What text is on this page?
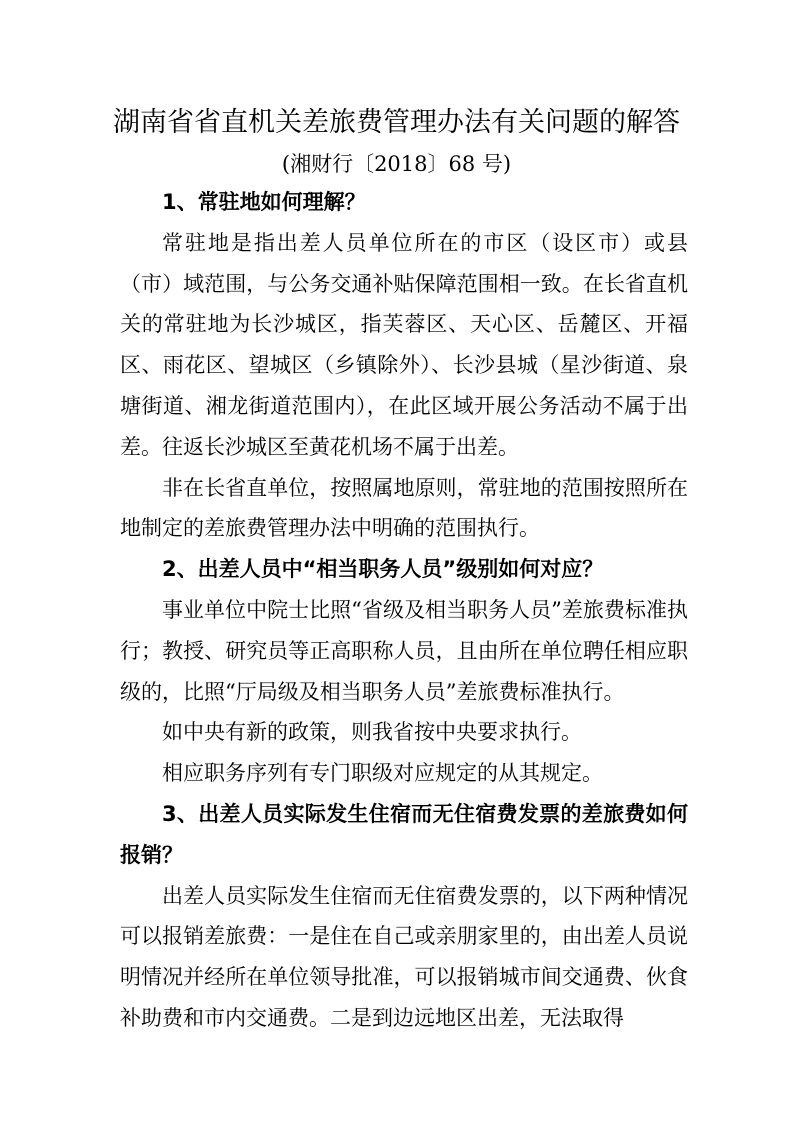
湖南省省直机关差旅费管理办法有关问题的解答
(湘财行〔2018〕68 号)
1、常驻地如何理解？

常驻地是指出差人员单位所在的市区（设区市）或县（市）域范围，与公务交通补贴保障范围相一致。在长省直机关的常驻地为长沙城区，指芙蓉区、天心区、岳麓区、开福区、雨花区、望城区（乡镇除外）、长沙县城（星沙街道、泉塘街道、湘龙街道范围内），在此区域开展公务活动不属于出差。往返长沙城区至黄花机场不属于出差。

非在长省直单位，按照属地原则，常驻地的范围按照所在地制定的差旅费管理办法中明确的范围执行。

2、出差人员中“相当职务人员”级别如何对应？

事业单位中院士比照“省级及相当职务人员”差旅费标准执行；教授、研究员等正高职称人员，且由所在单位聘任相应职级的，比照“厅局级及相当职务人员”差旅费标准执行。

如中央有新的政策，则我省按中央要求执行。

相应职务序列有专门职级对应规定的从其规定。

3、出差人员实际发生住宿而无住宿费发票的差旅费如何报销？

出差人员实际发生住宿而无住宿费发票的，以下两种情况可以报销差旅费：一是住在自己或亲朋家里的，由出差人员说明情况并经所在单位领导批准，可以报销城市间交通费、伙食补助费和市内交通费。二是到边远地区出差，无法取得
